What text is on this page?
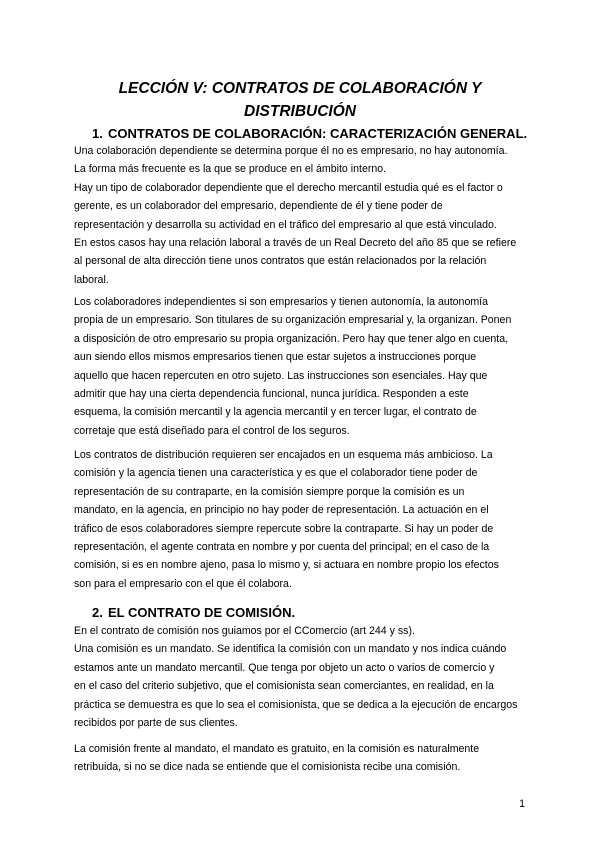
LECCIÓN V: CONTRATOS DE COLABORACIÓN Y
DISTRIBUCIÓN
1. CONTRATOS DE COLABORACIÓN: CARACTERIZACIÓN GENERAL.
Una colaboración dependiente se determina porque él no es empresario, no hay autonomía.
La forma más frecuente es la que se produce en el ámbito interno.
Hay un tipo de colaborador dependiente que el derecho mercantil estudia qué es el factor o
gerente, es un colaborador del empresario, dependiente de él y tiene poder de
representación y desarrolla su actividad en el tráfico del empresario al que está vinculado.
En estos casos hay una relación laboral a través de un Real Decreto del año 85 que se refiere
al personal de alta dirección tiene unos contratos que están relacionados por la relación
laboral.
Los colaboradores independientes si son empresarios y tienen autonomía, la autonomía
propia de un empresario. Son titulares de su organización empresarial y, la organizan. Ponen
a disposición de otro empresario su propia organización. Pero hay que tener algo en cuenta,
aun siendo ellos mismos empresarios tienen que estar sujetos a instrucciones porque
aquello que hacen repercuten en otro sujeto. Las instrucciones son esenciales. Hay que
admitir que hay una cierta dependencia funcional, nunca jurídica. Responden a este
esquema, la comisión mercantil y la agencia mercantil y en tercer lugar, el contrato de
corretaje que está diseñado para el control de los seguros.
Los contratos de distribución requieren ser encajados en un esquema más ambicioso. La
comisión y la agencia tienen una característica y es que el colaborador tiene poder de
representación de su contraparte, en la comisión siempre porque la comisión es un
mandato, en la agencia, en principio no hay poder de representación. La actuación en el
tráfico de esos colaboradores siempre repercute sobre la contraparte. Si hay un poder de
representación, el agente contrata en nombre y por cuenta del principal; en el caso de la
comisión, si es en nombre ajeno, pasa lo mismo y, si actuara en nombre propio los efectos
son para el empresario con el que él colabora.
2. EL CONTRATO DE COMISIÓN.
En el contrato de comisión nos guiamos por el CComercio (art 244 y ss).
Una comisión es un mandato. Se identifica la comisión con un mandato y nos indica cuándo
estamos ante un mandato mercantil. Que tenga por objeto un acto o varios de comercio y
en el caso del criterio subjetivo, que el comisionista sean comerciantes, en realidad, en la
práctica se demuestra es que lo sea el comisionista, que se dedica a la ejecución de encargos
recibidos por parte de sus clientes.
La comisión frente al mandato, el mandato es gratuito, en la comisión es naturalmente
retribuida, si no se dice nada se entiende que el comisionista recibe una comisión.
1
